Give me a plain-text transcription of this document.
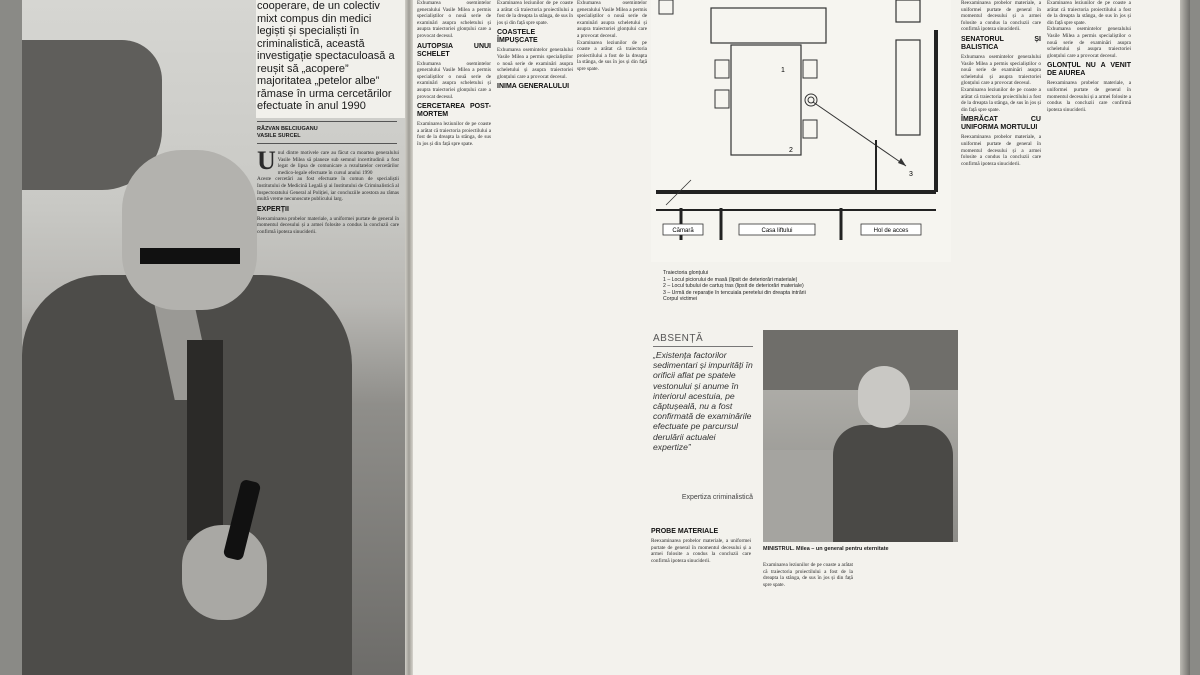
cooperare, de un colectiv mixt compus din medici legiști și specialiști în criminalistică, această investigație spectaculoasă a reușit să „acopere” majoritatea „petelor albe” rămase în urma cercetărilor efectuate în anul 1990
RĂZVAN BELCIUGANU
VASILE SURCEL
U nul dintre motivele care au făcut ca moartea generalului Vasile Milea să planeze sub semnul incertitudinii a fost legat de lipsa de comunicare a rezultatelor cercetărilor medico-legale efectuate în cursul anului 1990
Aceste cercetări au fost efectuate în comun de specialiștii Institutului de Medicină Legală și ai Institutului de Criminalistică al Inspectoratului General al Poliției, iar concluziile acestora au rămas multă vreme necunoscute publicului larg.
EXPERȚII
Reexaminarea probelor materiale, a uniformei purtate de general în momentul decesului și a armei folosite a condus la concluzii care confirmă ipoteza sinuciderii.
Exhumarea osemintelor generalului Vasile Milea a permis specialiștilor o nouă serie de examinări asupra scheletului și asupra traiectoriei glonțului care a provocat decesul.
AUTOPSIA UNUI SCHELET
Exhumarea osemintelor generalului Vasile Milea a permis specialiștilor o nouă serie de examinări asupra scheletului și asupra traiectoriei glonțului care a provocat decesul.
CERCETAREA POST-MORTEM
Examinarea leziunilor de pe coaste a arătat că traiectoria proiectilului a fost de la dreapta la stânga, de sus în jos și din față spre spate.
Examinarea leziunilor de pe coaste a arătat că traiectoria proiectilului a fost de la dreapta la stânga, de sus în jos și din față spre spate.
COASTELE ÎMPUȘCATE
Exhumarea osemintelor generalului Vasile Milea a permis specialiștilor o nouă serie de examinări asupra scheletului și asupra traiectoriei glonțului care a provocat decesul.
INIMA GENERALULUI
Exhumarea osemintelor generalului Vasile Milea a permis specialiștilor o nouă serie de examinări asupra scheletului și asupra traiectoriei glonțului care a provocat decesul.
Examinarea leziunilor de pe coaste a arătat că traiectoria proiectilului a fost de la dreapta la stânga, de sus în jos și din față spre spate.
Cămară	Casa liftului	Hol de acces
1
2
3
Traiectoria glonțului
1 – Locul piciorului de masă (lipsit de deteriorări materiale)
2 – Locul tubului de cartuș tras (lipsit de deteriorări materiale)
3 – Urmă de reparație în tencuiala peretelui din dreapta intrării
Corpul victimei
ABSENȚĂ
„Existența factorilor sedimentari și impurități în orificii aflat pe spatele vestonului și anume în interiorul acestuia, pe căptușeală, nu a fost confirmată de examinările efectuate pe parcursul derulării actualei expertize”
Expertiza criminalistică
MINISTRUL. Milea – un general pentru eternitate
PROBE MATERIALE
Reexaminarea probelor materiale, a uniformei purtate de general în momentul decesului și a armei folosite a condus la concluzii care confirmă ipoteza sinuciderii.
Examinarea leziunilor de pe coaste a arătat că traiectoria proiectilului a fost de la dreapta la stânga, de sus în jos și din față spre spate.
Reexaminarea probelor materiale, a uniformei purtate de general în momentul decesului și a armei folosite a condus la concluzii care confirmă ipoteza sinuciderii.
SENATORUL ȘI BALISTICA
Exhumarea osemintelor generalului Vasile Milea a permis specialiștilor o nouă serie de examinări asupra scheletului și asupra traiectoriei glonțului care a provocat decesul.
Examinarea leziunilor de pe coaste a arătat că traiectoria proiectilului a fost de la dreapta la stânga, de sus în jos și din față spre spate.
ÎMBRĂCAT CU UNIFORMA MORTULUI
Reexaminarea probelor materiale, a uniformei purtate de general în momentul decesului și a armei folosite a condus la concluzii care confirmă ipoteza sinuciderii.
Examinarea leziunilor de pe coaste a arătat că traiectoria proiectilului a fost de la dreapta la stânga, de sus în jos și din față spre spate.
Exhumarea osemintelor generalului Vasile Milea a permis specialiștilor o nouă serie de examinări asupra scheletului și asupra traiectoriei glonțului care a provocat decesul.
GLONȚUL NU A VENIT DE AIUREA
Reexaminarea probelor materiale, a uniformei purtate de general în momentul decesului și a armei folosite a condus la concluzii care confirmă ipoteza sinuciderii.
